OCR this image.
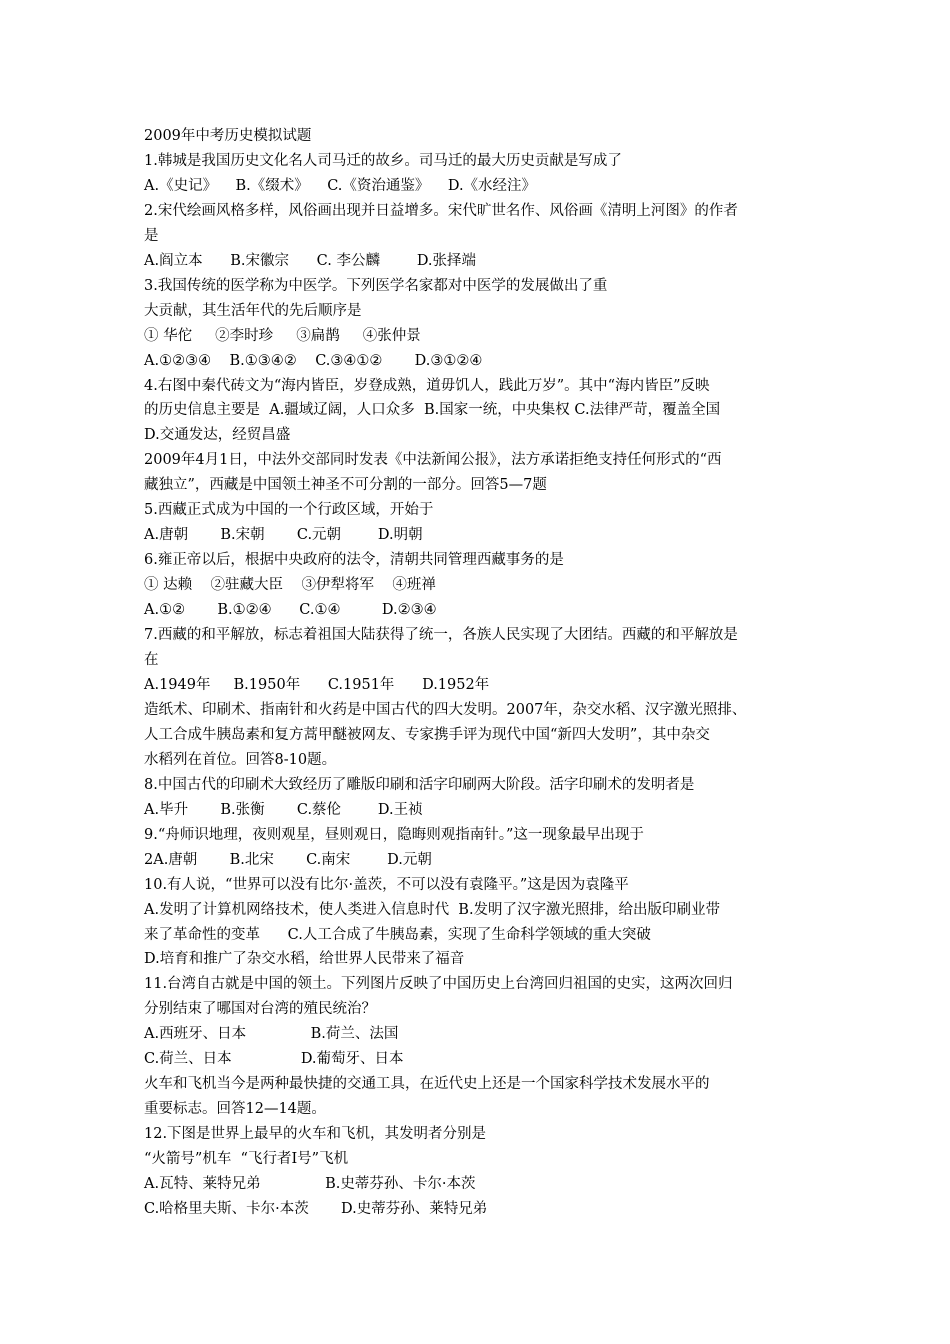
2009年中考历史模拟试题
1.韩城是我国历史文化名人司马迁的故乡。司马迁的最大历史贡献是写成了
A.《史记》    B.《缀术》    C.《资治通鉴》    D.《水经注》
2.宋代绘画风格多样，风俗画出现并日益增多。宋代旷世名作、风俗画《清明上河图》的作者
是
A.阎立本      B.宋徽宗      C. 李公麟        D.张择端
3.我国传统的医学称为中医学。下列医学名家都对中医学的发展做出了重
大贡献，其生活年代的先后顺序是
① 华佗     ②李时珍     ③扁鹊     ④张仲景
A.①②③④    B.①③④②    C.③④①②       D.③①②④
4.右图中秦代砖文为“海内皆臣，岁登成熟，道毋饥人，践此万岁”。其中“海内皆臣”反映
的历史信息主要是  A.疆域辽阔，人口众多  B.国家一统，中央集权 C.法律严苛，覆盖全国
D.交通发达，经贸昌盛
2009年4月1日，中法外交部同时发表《中法新闻公报》，法方承诺拒绝支持任何形式的“西
藏独立”，西藏是中国领土神圣不可分割的一部分。回答5—7题
5.西藏正式成为中国的一个行政区域，开始于
A.唐朝       B.宋朝       C.元朝        D.明朝
6.雍正帝以后，根据中央政府的法令，清朝共同管理西藏事务的是
① 达赖    ②驻藏大臣    ③伊犁将军    ④班禅
A.①②       B.①②④      C.①④         D.②③④
7.西藏的和平解放，标志着祖国大陆获得了统一，各族人民实现了大团结。西藏的和平解放是
在
A.1949年     B.1950年      C.1951年      D.1952年
造纸术、印刷术、指南针和火药是中国古代的四大发明。2007年，杂交水稻、汉字激光照排、
人工合成牛胰岛素和复方蒿甲醚被网友、专家携手评为现代中国“新四大发明”，其中杂交
水稻列在首位。回答8-10题。
8.中国古代的印刷术大致经历了雕版印刷和活字印刷两大阶段。活字印刷术的发明者是
A.毕升       B.张衡       C.蔡伦        D.王祯
9.“舟师识地理，夜则观星，昼则观日，隐晦则观指南针。”这一现象最早出现于
2A.唐朝       B.北宋       C.南宋        D.元朝
10.有人说，“世界可以没有比尔·盖茨，不可以没有袁隆平。”这是因为袁隆平
A.发明了计算机网络技术，使人类进入信息时代  B.发明了汉字激光照排，给出版印刷业带
来了革命性的变革      C.人工合成了牛胰岛素，实现了生命科学领域的重大突破
D.培育和推广了杂交水稻，给世界人民带来了福音
11.台湾自古就是中国的领土。下列图片反映了中国历史上台湾回归祖国的史实，这两次回归
分别结束了哪国对台湾的殖民统治？
A.西班牙、日本              B.荷兰、法国
C.荷兰、日本               D.葡萄牙、日本
火车和飞机当今是两种最快捷的交通工具，在近代史上还是一个国家科学技术发展水平的
重要标志。回答12—14题。
12.下图是世界上最早的火车和飞机，其发明者分别是
“火箭号”机车  “飞行者Ⅰ号”飞机
A.瓦特、莱特兄弟              B.史蒂芬孙、卡尔·本茨
C.哈格里夫斯、卡尔·本茨       D.史蒂芬孙、莱特兄弟
